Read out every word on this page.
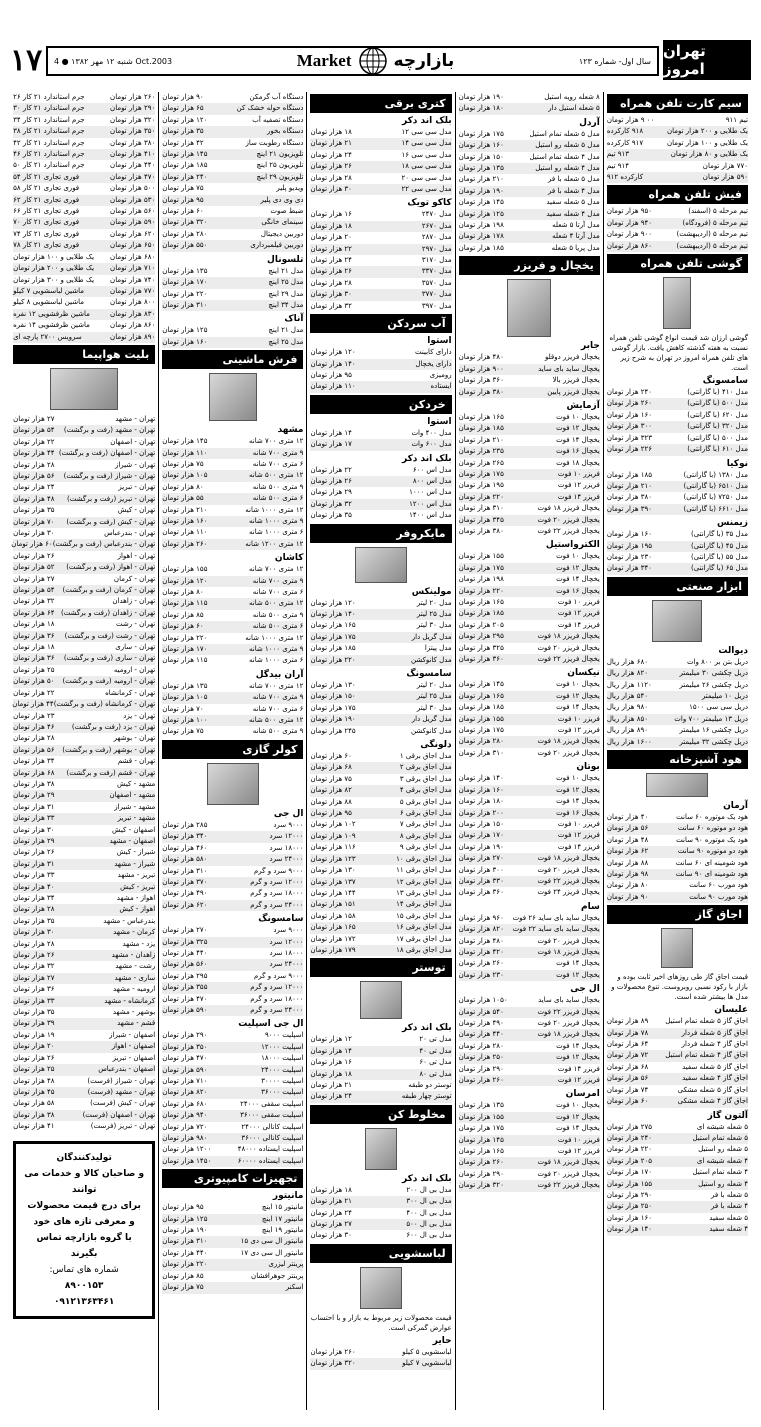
۱۷ شنبه ۱۲ مهر ۱۳۸۲ ● 4 Oct.2003	Market بازارچه	سال اول- شماره ۱۲۳
تهران امروز
سیم کارت تلفن همراه
تیم ۹۱۱
۰۰ ۹ هزار تومان
یک طلایی و ۲۰۰ هزار تومان
۹۱۸ کارکرده
یک طلایی و ۱۰۰ هزار تومان
۹۱۷ کارکرده
یک طلایی و ۸۰ هزار تومان
۹۱۳ تیم
۷۷۰ هزار تومان
۹۱۴ تیم
۵۹۰ هزار تومان
کارکرده ۹۱۲
فیش تلفن همراه
تیم مرحله ۵ (اسفند)
۹۵۰ هزار تومان
تیم مرحله ۵ (فرودگاه)
۹۴۰ هزار تومان
تیم مرحله ۵ (اردیبهشت)
۹۰۰ هزار تومان
تیم مرحله ۵ (اردیبهشت)
۸۶۰ هزار تومان
گوشی تلفن همراه
گوشی ارزان شد قیمت انواع گوشی تلفن همراه نسبت به هفته گذشته کاهش یافت. بازار گوشی های تلفن همراه امروز در تهران به شرح زیر است.
سامسونگ
مدل ۴۱۰ (با گارانتی)
۲۴۰ هزار تومان
مدل ۵۰۰ (با گارانتی)
۲۶۰ هزار تومان
مدل ۶۲۰ (با گارانتی)
۱۶۰ هزار تومان
مدل ۳۲۰ (با گارانتی)
۳۰۰ هزار تومان
مدل ۵۰۰ (با گارانتی)
۳۲۳ هزار تومان
مدل ۶۱۰ (با گارانتی)
۲۲۶ هزار تومان
نوکیا
مدل ۱۳۸۰ (با گارانتی)
۱۸۵ هزار تومان
مدل ۶۵۱۰ (با گارانتی)
۲۱۰ هزار تومان
مدل ۷۲۵۰ (با گارانتی)
۳۸۰ هزار تومان
مدل ۶۶۱۰ (با گارانتی)
۳۹۰ هزار تومان
زیمنس
مدل ۳۵ (با گارانتی)
۱۶۰ هزار تومان
مدل ۴۵ (با گارانتی)
۱۹۵ هزار تومان
مدل ۵۵ (با گارانتی)
۲۳۰ هزار تومان
مدل ۶۵ (با گارانتی)
۳۴۰ هزار تومان
ابزار صنعتی
دیوالت
دریل بتن بر ۸۰۰ وات
۶۸۰ هزار ریال
دریل چکشی ۳۰ میلیمتر
۸۲۰ هزار ریال
دریل چکشی ۲۶ میلیمتر
۱۱۲۰ هزار ریال
دریل ۱۰ میلیمتر
۵۴۰ هزار ریال
دریل سی سی ۱۵۰۰
۹۸۰ هزار ریال
دریل ۱۳ میلیمتر ۷۰۰ وات
۸۵۰ هزار ریال
دریل چکشی ۱۶ میلیمتر
۸۹۰ هزار ریال
دریل چکشی ۳۲ میلیمتر
۱۶۰۰ هزار ریال
هود آشپزخانه
آرمان
هود یک موتوره ۶۰ سانت
۴۰ هزار تومان
هود دو موتوره ۶۰ سانت
۵۶ هزار تومان
هود یک موتوره ۹۰ سانت
۴۸ هزار تومان
هود دو موتوره ۹۰ سانت
۶۲ هزار تومان
هود شومینه ای ۶۰ سانت
۸۸ هزار تومان
هود شومینه ای ۹۰ سانت
۹۸ هزار تومان
هود مورب ۶۰ سانت
۸۰ هزار تومان
هود مورب ۹۰ سانت
۹۰ هزار تومان
اجاق گاز
قیمت اجاق گاز طی روزهای اخیر ثابت بوده و بازار با رکود نسبی روبروست. تنوع محصولات و مدل ها بیشتر شده است.
علیسان
اجاق گاز ۵ شعله تمام استیل
۸۹ هزار تومان
اجاق گاز ۵ شعله فردار
۷۸ هزار تومان
اجاق گاز ۴ شعله فردار
۶۴ هزار تومان
اجاق گاز ۴ شعله تمام استیل
۷۲ هزار تومان
اجاق گاز ۵ شعله سفید
۶۸ هزار تومان
اجاق گاز ۴ شعله سفید
۵۶ هزار تومان
اجاق گاز ۵ شعله مشکی
۷۴ هزار تومان
اجاق گاز ۴ شعله مشکی
۶۰ هزار تومان
آلتون گاز
۵ شعله شیشه ای
۲۷۵ هزار تومان
۵ شعله تمام استیل
۲۴۰ هزار تومان
۵ شعله رو استیل
۲۲۰ هزار تومان
۴ شعله شیشه ای
۲۰۵ هزار تومان
۴ شعله تمام استیل
۱۷۰ هزار تومان
۴ شعله رو استیل
۱۵۵ هزار تومان
۵ شعله با فر
۲۹۰ هزار تومان
۴ شعله با فر
۲۵۰ هزار تومان
۵ شعله سفید
۱۶۰ هزار تومان
۴ شعله سفید
۱۴۰ هزار تومان
۸ شعله رویه استیل
۱۹۰ هزار تومان
۵ شعله استیل دار
۱۸۰ هزار تومان
آردل
مدل ۵ شعله تمام استیل
۱۷۵ هزار تومان
مدل ۵ شعله رو استیل
۱۶۰ هزار تومان
مدل ۴ شعله تمام استیل
۱۵۰ هزار تومان
مدل ۴ شعله رو استیل
۱۳۵ هزار تومان
مدل ۵ شعله با فر
۲۱۰ هزار تومان
مدل ۴ شعله با فر
۱۹۰ هزار تومان
مدل ۵ شعله سفید
۱۴۵ هزار تومان
مدل ۴ شعله سفید
۱۲۵ هزار تومان
مدل آرتا ۵ شعله
۱۹۸ هزار تومان
مدل آرتا ۴ شعله
۱۷۸ هزار تومان
مدل پریا ۵ شعله
۱۸۵ هزار تومان
یخچال و فریزر
جابر
یخچال فریزر دوقلو
۴۸۰ هزار تومان
یخچال ساید بای ساید
۹۰۰ هزار تومان
یخچال فریزر بالا
۳۶۰ هزار تومان
یخچال فریزر پایین
۳۸۰ هزار تومان
آزمایش
یخچال ۱۰ فوت
۱۶۵ هزار تومان
یخچال ۱۲ فوت
۱۸۵ هزار تومان
یخچال ۱۴ فوت
۲۱۰ هزار تومان
یخچال ۱۶ فوت
۲۳۵ هزار تومان
یخچال ۱۸ فوت
۲۶۵ هزار تومان
فریزر ۱۰ فوت
۱۷۵ هزار تومان
فریزر ۱۲ فوت
۱۹۵ هزار تومان
فریزر ۱۴ فوت
۲۲۰ هزار تومان
یخچال فریزر ۱۸ فوت
۳۱۰ هزار تومان
یخچال فریزر ۲۰ فوت
۳۴۵ هزار تومان
یخچال فریزر ۲۲ فوت
۳۸۰ هزار تومان
الکترواستیل
یخچال ۱۰ فوت
۱۵۵ هزار تومان
یخچال ۱۲ فوت
۱۷۵ هزار تومان
یخچال ۱۴ فوت
۱۹۸ هزار تومان
یخچال ۱۶ فوت
۲۲۰ هزار تومان
فریزر ۱۰ فوت
۱۶۵ هزار تومان
فریزر ۱۲ فوت
۱۸۵ هزار تومان
فریزر ۱۴ فوت
۲۰۵ هزار تومان
یخچال فریزر ۱۸ فوت
۲۹۵ هزار تومان
یخچال فریزر ۲۰ فوت
۳۲۵ هزار تومان
یخچال فریزر ۲۲ فوت
۳۶۰ هزار تومان
نیکسان
یخچال ۱۰ فوت
۱۴۵ هزار تومان
یخچال ۱۲ فوت
۱۶۵ هزار تومان
یخچال ۱۴ فوت
۱۸۵ هزار تومان
فریزر ۱۰ فوت
۱۵۵ هزار تومان
فریزر ۱۲ فوت
۱۷۵ هزار تومان
یخچال فریزر ۱۸ فوت
۲۸۰ هزار تومان
یخچال فریزر ۲۰ فوت
۳۱۰ هزار تومان
بوتان
یخچال ۱۰ فوت
۱۴۰ هزار تومان
یخچال ۱۲ فوت
۱۶۰ هزار تومان
یخچال ۱۴ فوت
۱۸۰ هزار تومان
یخچال ۱۶ فوت
۲۰۰ هزار تومان
فریزر ۱۰ فوت
۱۵۰ هزار تومان
فریزر ۱۲ فوت
۱۷۰ هزار تومان
فریزر ۱۴ فوت
۱۹۰ هزار تومان
یخچال فریزر ۱۸ فوت
۲۷۰ هزار تومان
یخچال فریزر ۲۰ فوت
۳۰۰ هزار تومان
یخچال فریزر ۲۲ فوت
۳۳۰ هزار تومان
یخچال فریزر ۲۴ فوت
۳۶۰ هزار تومان
سام
یخچال ساید بای ساید ۲۶ فوت
۹۶۰ هزار تومان
یخچال ساید بای ساید ۲۲ فوت
۸۲۰ هزار تومان
یخچال فریزر ۲۰ فوت
۴۸۰ هزار تومان
یخچال فریزر ۱۸ فوت
۴۲۰ هزار تومان
یخچال ۱۴ فوت
۲۶۰ هزار تومان
یخچال ۱۲ فوت
۲۳۰ هزار تومان
ال جی
یخچال ساید بای ساید
۱۰۵۰ هزار تومان
یخچال فریزر ۲۲ فوت
۵۴۰ هزار تومان
یخچال فریزر ۲۰ فوت
۴۹۰ هزار تومان
یخچال فریزر ۱۸ فوت
۴۴۰ هزار تومان
یخچال ۱۴ فوت
۲۸۰ هزار تومان
یخچال ۱۲ فوت
۲۵۰ هزار تومان
فریزر ۱۴ فوت
۲۹۰ هزار تومان
فریزر ۱۲ فوت
۲۶۰ هزار تومان
امرسان
یخچال ۱۰ فوت
۱۳۵ هزار تومان
یخچال ۱۲ فوت
۱۵۵ هزار تومان
یخچال ۱۴ فوت
۱۷۵ هزار تومان
فریزر ۱۰ فوت
۱۴۵ هزار تومان
فریزر ۱۲ فوت
۱۶۵ هزار تومان
یخچال فریزر ۱۸ فوت
۲۶۰ هزار تومان
یخچال فریزر ۲۰ فوت
۲۹۰ هزار تومان
یخچال فریزر ۲۲ فوت
۳۲۰ هزار تومان
کتری برقی
بلک اند دکر
مدل سی سی ۱۲
۱۸ هزار تومان
مدل سی سی ۱۴
۲۱ هزار تومان
مدل سی سی ۱۶
۲۴ هزار تومان
مدل سی سی ۱۸
۲۶ هزار تومان
مدل سی سی ۲۰
۲۸ هزار تومان
مدل سی سی ۲۲
۳۰ هزار تومان
کاکو تویک
مدل ۲۴۷۰
۱۶ هزار تومان
مدل ۲۶۷۰
۱۸ هزار تومان
مدل ۲۸۷۰
۲۰ هزار تومان
مدل ۲۹۷۰
۲۲ هزار تومان
مدل ۳۱۷۰
۲۴ هزار تومان
مدل ۳۳۷۰
۲۶ هزار تومان
مدل ۳۵۷۰
۲۸ هزار تومان
مدل ۳۷۷۰
۳۰ هزار تومان
مدل ۳۹۷۰
۳۲ هزار تومان
آب سردکن
استوا
دارای کابینت
۱۲۰ هزار تومان
دارای یخچال
۱۴۰ هزار تومان
رومیزی
۹۵ هزار تومان
ایستاده
۱۱۰ هزار تومان
خردکن
استوا
مدل ۴۰۰ وات
۱۴ هزار تومان
مدل ۶۰۰ وات
۱۷ هزار تومان
بلک اند دکر
مدل اس ۶۰۰
۲۲ هزار تومان
مدل اس ۸۰۰
۲۶ هزار تومان
مدل اس ۱۰۰۰
۲۹ هزار تومان
مدل اس ۱۲۰۰
۳۲ هزار تومان
مدل اس ۱۴۰۰
۳۵ هزار تومان
مایکروفر
مولینکس
مدل ۲۰ لیتر
۱۲۰ هزار تومان
مدل ۲۵ لیتر
۱۴۰ هزار تومان
مدل ۳۰ لیتر
۱۶۵ هزار تومان
مدل گریل دار
۱۷۵ هزار تومان
مدل پیتزا
۱۸۵ هزار تومان
مدل کانوکشن
۲۲۰ هزار تومان
سامسونگ
مدل ۲۰ لیتر
۱۳۰ هزار تومان
مدل ۲۵ لیتر
۱۵۰ هزار تومان
مدل ۳۰ لیتر
۱۷۵ هزار تومان
مدل گریل دار
۱۹۰ هزار تومان
مدل کانوکشن
۲۴۵ هزار تومان
دلونگی
مدل اجاق برقی ۱
۶۰ هزار تومان
مدل اجاق برقی ۲
۶۸ هزار تومان
مدل اجاق برقی ۳
۷۵ هزار تومان
مدل اجاق برقی ۴
۸۲ هزار تومان
مدل اجاق برقی ۵
۸۸ هزار تومان
مدل اجاق برقی ۶
۹۵ هزار تومان
مدل اجاق برقی ۷
۱۰۲ هزار تومان
مدل اجاق برقی ۸
۱۰۹ هزار تومان
مدل اجاق برقی ۹
۱۱۶ هزار تومان
مدل اجاق برقی ۱۰
۱۲۳ هزار تومان
مدل اجاق برقی ۱۱
۱۳۰ هزار تومان
مدل اجاق برقی ۱۲
۱۳۷ هزار تومان
مدل اجاق برقی ۱۳
۱۴۴ هزار تومان
مدل اجاق برقی ۱۴
۱۵۱ هزار تومان
مدل اجاق برقی ۱۵
۱۵۸ هزار تومان
مدل اجاق برقی ۱۶
۱۶۵ هزار تومان
مدل اجاق برقی ۱۷
۱۷۲ هزار تومان
مدل اجاق برقی ۱۸
۱۷۹ هزار تومان
توستر
بلک اند دکر
مدل تی ۲۰
۱۲ هزار تومان
مدل تی ۴۰
۱۴ هزار تومان
مدل تی ۶۰
۱۶ هزار تومان
مدل تی ۸۰
۱۸ هزار تومان
توستر دو طبقه
۲۱ هزار تومان
توستر چهار طبقه
۲۴ هزار تومان
مخلوط کن
بلک اند دکر
مدل بی ال ۲۰۰
۱۸ هزار تومان
مدل بی ال ۳۰۰
۲۱ هزار تومان
مدل بی ال ۴۰۰
۲۴ هزار تومان
مدل بی ال ۵۰۰
۲۷ هزار تومان
مدل بی ال ۶۰۰
۳۰ هزار تومان
لباسشویی
قیمت محصولات زیر مربوط به بازار و با احتساب عوارض گمرکی است.
حایر
لباسشویی ۵ کیلو
۲۶۰ هزار تومان
لباسشویی ۷ کیلو
۳۲۰ هزار تومان
دستگاه آب گرمکن
۹۰ هزار تومان
دستگاه حوله خشک کن
۶۵ هزار تومان
دستگاه تصفیه آب
۱۲۰ هزار تومان
دستگاه بخور
۳۵ هزار تومان
دستگاه رطوبت ساز
۴۲ هزار تومان
تلویزیون ۲۱ اینچ
۱۴۵ هزار تومان
تلویزیون ۲۵ اینچ
۱۸۵ هزار تومان
تلویزیون ۲۹ اینچ
۲۴۰ هزار تومان
ویدیو پلیر
۷۵ هزار تومان
دی وی دی پلیر
۹۵ هزار تومان
ضبط صوت
۶۰ هزار تومان
سینمای خانگی
۳۲۰ هزار تومان
دوربین دیجیتال
۲۸۰ هزار تومان
دوربین فیلمبرداری
۵۵۰ هزار تومان
تلسونال
مدل ۲۱ اینچ
۱۳۵ هزار تومان
مدل ۲۵ اینچ
۱۷۰ هزار تومان
مدل ۲۹ اینچ
۲۲۰ هزار تومان
مدل ۳۴ اینچ
۳۱۰ هزار تومان
آناک
مدل ۲۱ اینچ
۱۲۵ هزار تومان
مدل ۲۵ اینچ
۱۶۰ هزار تومان
فرش ماشینی
مشهد
۱۲ متری ۷۰۰ شانه
۱۴۵ هزار تومان
۹ متری ۷۰۰ شانه
۱۱۰ هزار تومان
۶ متری ۷۰۰ شانه
۷۵ هزار تومان
۱۲ متری ۵۰۰ شانه
۱۰۵ هزار تومان
۹ متری ۵۰۰ شانه
۸۰ هزار تومان
۶ متری ۵۰۰ شانه
۵۵ هزار تومان
۱۲ متری ۱۰۰۰ شانه
۲۱۰ هزار تومان
۹ متری ۱۰۰۰ شانه
۱۶۰ هزار تومان
۶ متری ۱۰۰۰ شانه
۱۱۰ هزار تومان
۱۲ متری ۱۲۰۰ شانه
۲۶۰ هزار تومان
کاشان
۱۲ متری ۷۰۰ شانه
۱۵۵ هزار تومان
۹ متری ۷۰۰ شانه
۱۲۰ هزار تومان
۶ متری ۷۰۰ شانه
۸۰ هزار تومان
۱۲ متری ۵۰۰ شانه
۱۱۵ هزار تومان
۹ متری ۵۰۰ شانه
۸۵ هزار تومان
۶ متری ۵۰۰ شانه
۶۰ هزار تومان
۱۲ متری ۱۰۰۰ شانه
۲۲۰ هزار تومان
۹ متری ۱۰۰۰ شانه
۱۷۰ هزار تومان
۶ متری ۱۰۰۰ شانه
۱۱۵ هزار تومان
آران بیدگل
۱۲ متری ۷۰۰ شانه
۱۳۵ هزار تومان
۹ متری ۷۰۰ شانه
۱۰۵ هزار تومان
۶ متری ۷۰۰ شانه
۷۰ هزار تومان
۱۲ متری ۵۰۰ شانه
۱۰۰ هزار تومان
۹ متری ۵۰۰ شانه
۷۵ هزار تومان
کولر گازی
ال جی
۹۰۰۰ سرد
۲۸۵ هزار تومان
۱۲۰۰۰ سرد
۳۴۰ هزار تومان
۱۸۰۰۰ سرد
۴۶۰ هزار تومان
۲۴۰۰۰ سرد
۵۸۰ هزار تومان
۹۰۰۰ سرد و گرم
۳۱۰ هزار تومان
۱۲۰۰۰ سرد و گرم
۳۷۰ هزار تومان
۱۸۰۰۰ سرد و گرم
۴۹۰ هزار تومان
۲۴۰۰۰ سرد و گرم
۶۲۰ هزار تومان
سامسونگ
۹۰۰۰ سرد
۲۷۰ هزار تومان
۱۲۰۰۰ سرد
۳۲۵ هزار تومان
۱۸۰۰۰ سرد
۴۴۰ هزار تومان
۲۴۰۰۰ سرد
۵۶۰ هزار تومان
۹۰۰۰ سرد و گرم
۲۹۵ هزار تومان
۱۲۰۰۰ سرد و گرم
۳۵۵ هزار تومان
۱۸۰۰۰ سرد و گرم
۴۷۰ هزار تومان
۲۴۰۰۰ سرد و گرم
۵۹۰ هزار تومان
ال جی اسپلیت
اسپلیت ۹۰۰۰
۲۹۰ هزار تومان
اسپلیت ۱۲۰۰۰
۳۵۰ هزار تومان
اسپلیت ۱۸۰۰۰
۴۷۰ هزار تومان
اسپلیت ۲۴۰۰۰
۵۹۰ هزار تومان
اسپلیت ۳۰۰۰۰
۷۱۰ هزار تومان
اسپلیت ۳۶۰۰۰
۸۲۰ هزار تومان
اسپلیت سقفی ۲۴۰۰۰
۶۸۰ هزار تومان
اسپلیت سقفی ۳۶۰۰۰
۹۴۰ هزار تومان
اسپلیت کانالی ۲۴۰۰۰
۷۲۰ هزار تومان
اسپلیت کانالی ۳۶۰۰۰
۹۸۰ هزار تومان
اسپلیت ایستاده ۴۸۰۰۰
۱۲۰۰ هزار تومان
اسپلیت ایستاده ۶۰۰۰۰
۱۴۵۰ هزار تومان
تجهیزات کامپیوتری
مانیتور
مانیتور ۱۵ اینچ
۹۵ هزار تومان
مانیتور ۱۷ اینچ
۱۲۵ هزار تومان
مانیتور ۱۹ اینچ
۱۹۰ هزار تومان
مانیتور ال سی دی ۱۵
۳۱۰ هزار تومان
مانیتور ال سی دی ۱۷
۴۴۰ هزار تومان
پرینتر لیزری
۲۲۰ هزار تومان
پرینتر جوهرافشان
۸۵ هزار تومان
اسکنر
۷۵ هزار تومان
۲۶۰ هزار تومان
جرم استاندارد ۲۱ کار ۲۶
۲۹۰ هزار تومان
جرم استاندارد ۲۱ کار ۳۰
۳۲۰ هزار تومان
جرم استاندارد ۲۱ کار ۳۴
۳۵۰ هزار تومان
جرم استاندارد ۲۱ کار ۳۸
۳۸۰ هزار تومان
جرم استاندارد ۲۱ کار ۴۲
۴۱۰ هزار تومان
جرم استاندارد ۲۱ کار ۴۶
۴۴۰ هزار تومان
جرم استاندارد ۲۱ کار ۵۰
۴۷۰ هزار تومان
فوری تجاری ۲۱ کار ۵۴
۵۰۰ هزار تومان
فوری تجاری ۲۱ کار ۵۸
۵۳۰ هزار تومان
فوری تجاری ۲۱ کار ۶۲
۵۶۰ هزار تومان
فوری تجاری ۲۱ کار ۶۶
۵۹۰ هزار تومان
فوری تجاری ۲۱ کار ۷۰
۶۲۰ هزار تومان
فوری تجاری ۲۱ کار ۷۴
۶۵۰ هزار تومان
فوری تجاری ۲۱ کار ۷۸
۶۸۰ هزار تومان
یک طلایی و ۱۰۰ هزار تومان
۷۱۰ هزار تومان
یک طلایی و ۲۰۰ هزار تومان
۷۴۰ هزار تومان
یک طلایی و ۳۰۰ هزار تومان
۷۷۰ هزار تومان
ماشین لباسشویی ۷ کیلو
۸۰۰ هزار تومان
ماشین لباسشویی ۸ کیلو
۸۳۰ هزار تومان
ماشین ظرفشویی ۱۲ نفره
۸۶۰ هزار تومان
ماشین ظرفشویی ۱۴ نفره
۸۹۰ هزار تومان
سرویس ۲۷۰۰ پارچه ای
بلیت هواپیما
تهران - مشهد
۲۷ هزار تومان
تهران - مشهد (رفت و برگشت)
۵۴ هزار تومان
تهران - اصفهان
۲۲ هزار تومان
تهران - اصفهان (رفت و برگشت)
۴۴ هزار تومان
تهران - شیراز
۲۸ هزار تومان
تهران - شیراز (رفت و برگشت)
۵۶ هزار تومان
تهران - تبریز
۲۴ هزار تومان
تهران - تبریز (رفت و برگشت)
۴۸ هزار تومان
تهران - کیش
۳۵ هزار تومان
تهران - کیش (رفت و برگشت)
۷۰ هزار تومان
تهران - بندرعباس
۳۰ هزار تومان
تهران - بندرعباس (رفت و برگشت)
۶۰ هزار تومان
تهران - اهواز
۲۶ هزار تومان
تهران - اهواز (رفت و برگشت)
۵۲ هزار تومان
تهران - کرمان
۲۷ هزار تومان
تهران - کرمان (رفت و برگشت)
۵۴ هزار تومان
تهران - زاهدان
۳۲ هزار تومان
تهران - زاهدان (رفت و برگشت)
۶۴ هزار تومان
تهران - رشت
۱۸ هزار تومان
تهران - رشت (رفت و برگشت)
۳۶ هزار تومان
تهران - ساری
۱۸ هزار تومان
تهران - ساری (رفت و برگشت)
۳۶ هزار تومان
تهران - ارومیه
۲۵ هزار تومان
تهران - ارومیه (رفت و برگشت)
۵۰ هزار تومان
تهران - کرمانشاه
۲۲ هزار تومان
تهران - کرمانشاه (رفت و برگشت)
۴۴ هزار تومان
تهران - یزد
۲۳ هزار تومان
تهران - یزد (رفت و برگشت)
۴۶ هزار تومان
تهران - بوشهر
۲۸ هزار تومان
تهران - بوشهر (رفت و برگشت)
۵۶ هزار تومان
تهران - قشم
۳۴ هزار تومان
تهران - قشم (رفت و برگشت)
۶۸ هزار تومان
مشهد - کیش
۳۸ هزار تومان
مشهد - اصفهان
۲۹ هزار تومان
مشهد - شیراز
۳۱ هزار تومان
مشهد - تبریز
۳۳ هزار تومان
اصفهان - کیش
۳۰ هزار تومان
اصفهان - مشهد
۲۹ هزار تومان
شیراز - کیش
۲۶ هزار تومان
شیراز - مشهد
۳۱ هزار تومان
تبریز - مشهد
۳۳ هزار تومان
تبریز - کیش
۴۰ هزار تومان
اهواز - مشهد
۳۴ هزار تومان
اهواز - کیش
۲۸ هزار تومان
بندرعباس - مشهد
۳۵ هزار تومان
کرمان - مشهد
۳۰ هزار تومان
یزد - مشهد
۲۸ هزار تومان
زاهدان - مشهد
۲۶ هزار تومان
رشت - مشهد
۳۲ هزار تومان
ساری - مشهد
۲۷ هزار تومان
ارومیه - مشهد
۳۶ هزار تومان
کرمانشاه - مشهد
۳۳ هزار تومان
بوشهر - مشهد
۳۵ هزار تومان
قشم - مشهد
۳۹ هزار تومان
اصفهان - شیراز
۱۹ هزار تومان
اصفهان - اهواز
۲۰ هزار تومان
اصفهان - تبریز
۲۶ هزار تومان
اصفهان - بندرعباس
۲۵ هزار تومان
تهران - شیراز (فرست)
۴۸ هزار تومان
تهران - مشهد (فرست)
۴۵ هزار تومان
تهران - کیش (فرست)
۵۸ هزار تومان
تهران - اصفهان (فرست)
۳۸ هزار تومان
تهران - تبریز (فرست)
۴۱ هزار تومان
تولیدکنندگان
و صاحبان کالا و خدمات می توانند
برای درج قیمت محصولات
و معرفی تازه های خود
با گروه بازارچه تماس بگیرند
شماره های تماس:
۸۹۰۰۱۵۳
۰۹۱۲۱۳۶۳۴۶۱
